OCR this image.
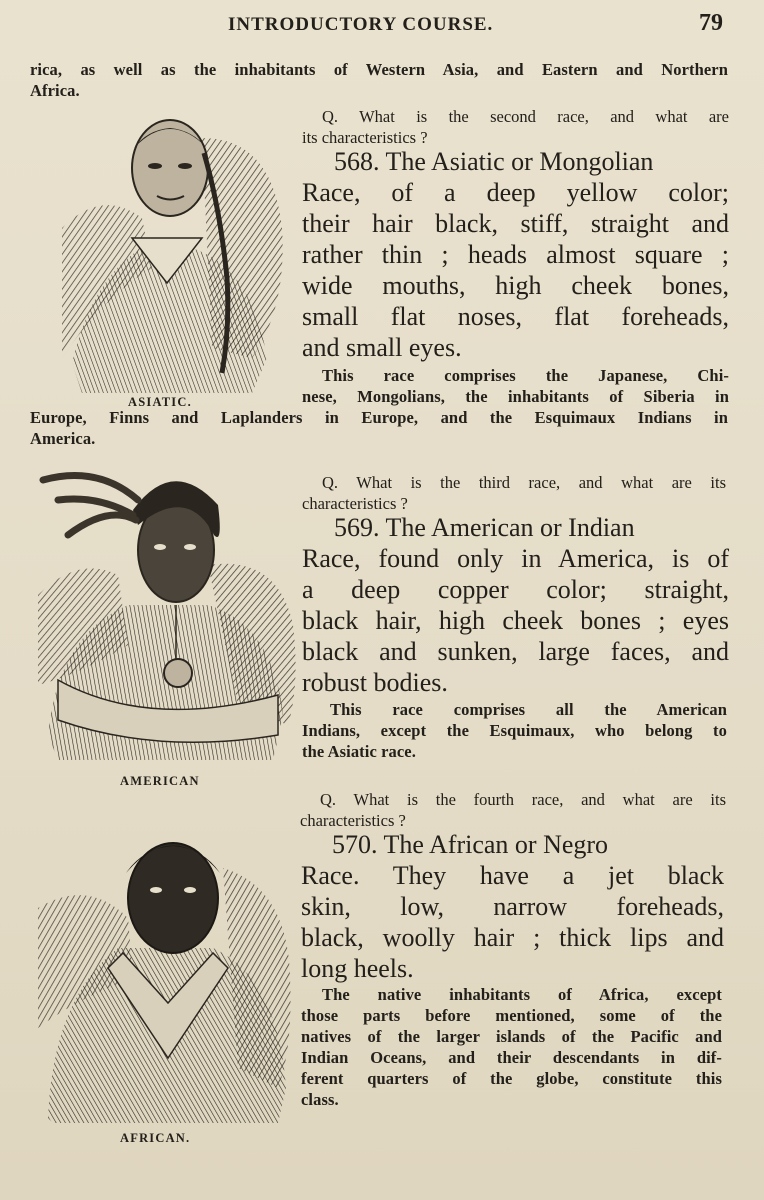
INTRODUCTORY COURSE.	79
rica, as well as the inhabitants of Western Asia, and Eastern and Northern
Africa.
ASIATIC.
Q. What is the second race, and what are
its characteristics ?
568. The Asiatic or Mongolian
Race, of a deep yellow color;
their hair black, stiff, straight and
rather thin ; heads almost square ;
wide mouths, high cheek bones,
small flat noses, flat foreheads,
and small eyes.
This race comprises the Japanese, Chi-
nese, Mongolians, the inhabitants of Siberia in
Europe, Finns and Laplanders in Europe, and the Esquimaux Indians in
America.
AMERICAN
Q. What is the third race, and what are its
characteristics ?
569. The American or Indian
Race, found only in America, is of
a deep copper color; straight,
black hair, high cheek bones ; eyes
black and sunken, large faces, and
robust bodies.
This race comprises all the American
Indians, except the Esquimaux, who belong to
the Asiatic race.
AFRICAN.
Q. What is the fourth race, and what are its
characteristics ?
570. The African or Negro
Race. They have a jet black
skin, low, narrow foreheads,
black, woolly hair ; thick lips and
long heels.
The native inhabitants of Africa, except
those parts before mentioned, some of the
natives of the larger islands of the Pacific and
Indian Oceans, and their descendants in dif-
ferent quarters of the globe, constitute this
class.
